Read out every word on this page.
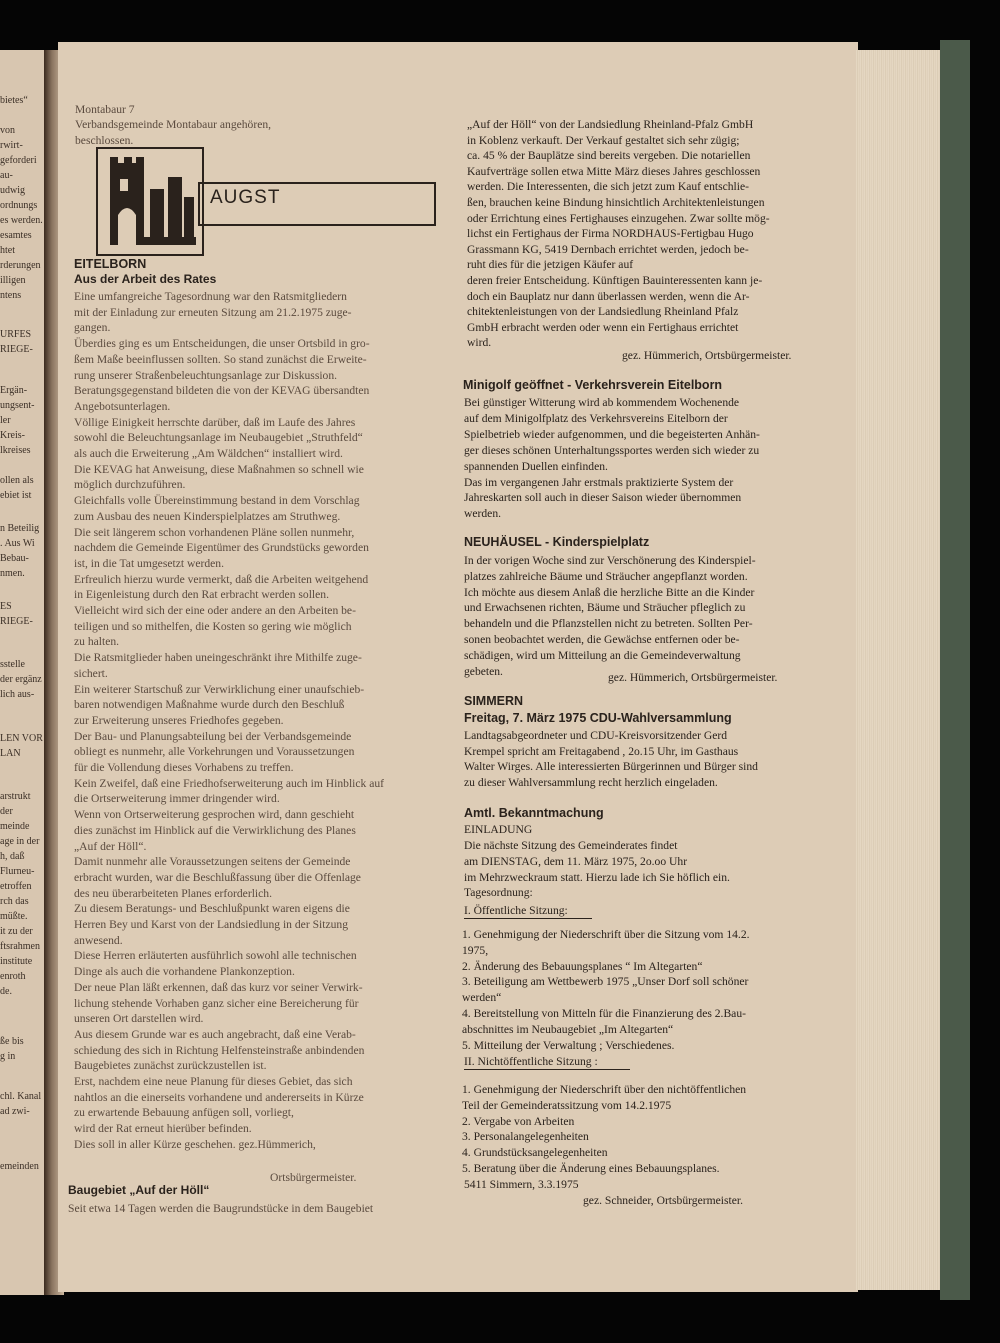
bietes“
von
rwirt-
geforderi
au-
udwig
ordnungs
es werden.
esamtes
htet
rderungen
illigen
ntens
URFES
RIEGE-
Ergän-
ungsent-
ler
Kreis-
lkreises
ollen als
ebiet ist
n Beteilig
. Aus Wi
Bebau-
nmen.
ES
RIEGE-
sstelle
der ergänz
lich aus-
LEN VOR
LAN
arstrukt
der
meinde
age in der
h, daß
Flurneu-
etroffen
rch das
müßte.
it zu der
ftsrahmen
institute
enroth
de.
ße bis
g in
chl. Kanal
ad zwi-
emeinden
Montabaur 7
Verbandsgemeinde Montabaur angehören,
beschlossen.
AUGST
EITELBORN
Aus der Arbeit des Rates
Eine umfangreiche Tagesordnung war den Ratsmitgliedern
mit der Einladung zur erneuten Sitzung am 21.2.1975 zuge-
gangen.
Überdies ging es um Entscheidungen, die unser Ortsbild in gro-
ßem Maße beeinflussen sollten. So stand zunächst die Erweite-
rung unserer Straßenbeleuchtungsanlage zur Diskussion.
Beratungsgegenstand bildeten die von der KEVAG übersandten
Angebotsunterlagen.
Völlige Einigkeit herrschte darüber, daß im Laufe des Jahres
sowohl die Beleuchtungsanlage im Neubaugebiet „Struthfeld“
als auch die Erweiterung „Am Wäldchen“ installiert wird.
Die KEVAG hat Anweisung, diese Maßnahmen so schnell wie
möglich durchzuführen.
Gleichfalls volle Übereinstimmung bestand in dem Vorschlag
zum Ausbau des neuen Kinderspielplatzes am Struthweg.
Die seit längerem schon vorhandenen Pläne sollen nunmehr,
nachdem die Gemeinde Eigentümer des Grundstücks geworden
ist, in die Tat umgesetzt werden.
Erfreulich hierzu wurde vermerkt, daß die Arbeiten weitgehend
in Eigenleistung durch den Rat erbracht werden sollen.
Vielleicht wird sich der eine oder andere an den Arbeiten be-
teiligen und so mithelfen, die Kosten so gering wie möglich
zu halten.
Die Ratsmitglieder haben uneingeschränkt ihre Mithilfe zuge-
sichert.
Ein weiterer Startschuß zur Verwirklichung einer unaufschieb-
baren notwendigen Maßnahme wurde durch den Beschluß
zur Erweiterung unseres Friedhofes gegeben.
Der Bau- und Planungsabteilung bei der Verbandsgemeinde
obliegt es nunmehr, alle Vorkehrungen und Voraussetzungen
für die Vollendung dieses Vorhabens zu treffen.
Kein Zweifel, daß eine Friedhofserweiterung auch im Hinblick auf
die Ortserweiterung immer dringender wird.
Wenn von Ortserweiterung gesprochen wird, dann geschieht
dies zunächst im Hinblick auf die Verwirklichung des Planes
„Auf der Höll“.
Damit nunmehr alle Voraussetzungen seitens der Gemeinde
erbracht wurden, war die Beschlußfassung über die Offenlage
des neu überarbeiteten Planes erforderlich.
Zu diesem Beratungs- und Beschlußpunkt waren eigens die
Herren Bey und Karst von der Landsiedlung in der Sitzung
anwesend.
Diese Herren erläuterten ausführlich sowohl alle technischen
Dinge als auch die vorhandene Plankonzeption.
Der neue Plan läßt erkennen, daß das kurz vor seiner Verwirk-
lichung stehende Vorhaben ganz sicher eine Bereicherung für
unseren Ort darstellen wird.
Aus diesem Grunde war es auch angebracht, daß eine Verab-
schiedung des sich in Richtung Helfensteinstraße anbindenden
Baugebietes zunächst zurückzustellen ist.
Erst, nachdem eine neue Planung für dieses Gebiet, das sich
nahtlos an die einerseits vorhandene und andererseits in Kürze
zu erwartende Bebauung anfügen soll, vorliegt,
wird der Rat erneut hierüber befinden.
Dies soll in aller Kürze geschehen. gez.Hümmerich,
Ortsbürgermeister.
Baugebiet „Auf der Höll“
Seit etwa 14 Tagen werden die Baugrundstücke in dem Baugebiet
„Auf der Höll“ von der Landsiedlung Rheinland-Pfalz GmbH
in Koblenz verkauft. Der Verkauf gestaltet sich sehr zügig;
ca. 45 % der Bauplätze sind bereits vergeben. Die notariellen
Kaufverträge sollen etwa Mitte März dieses Jahres geschlossen
werden. Die Interessenten, die sich jetzt zum Kauf entschlie-
ßen, brauchen keine Bindung hinsichtlich Architektenleistungen
oder Errichtung eines Fertighauses einzugehen. Zwar sollte mög-
lichst ein Fertighaus der Firma NORDHAUS-Fertigbau Hugo
Grassmann KG, 5419 Dernbach errichtet werden, jedoch be-
ruht dies für die jetzigen Käufer auf
deren freier Entscheidung. Künftigen Bauinteressenten kann je-
doch ein Bauplatz nur dann überlassen werden, wenn die Ar-
chitektenleistungen von der Landsiedlung Rheinland Pfalz
GmbH erbracht werden oder wenn ein Fertighaus errichtet
wird.
gez. Hümmerich, Ortsbürgermeister.
Minigolf geöffnet - Verkehrsverein Eitelborn
Bei günstiger Witterung wird ab kommendem Wochenende
auf dem Minigolfplatz des Verkehrsvereins Eitelborn der
Spielbetrieb wieder aufgenommen, und die begeisterten Anhän-
ger dieses schönen Unterhaltungssportes werden sich wieder zu
spannenden Duellen einfinden.
Das im vergangenen Jahr erstmals praktizierte System der
Jahreskarten soll auch in dieser Saison wieder übernommen
werden.
NEUHÄUSEL - Kinderspielplatz
In der vorigen Woche sind zur Verschönerung des Kinderspiel-
platzes zahlreiche Bäume und Sträucher angepflanzt worden.
Ich möchte aus diesem Anlaß die herzliche Bitte an die Kinder
und Erwachsenen richten, Bäume und Sträucher pfleglich zu
behandeln und die Pflanzstellen nicht zu betreten. Sollten Per-
sonen beobachtet werden, die Gewächse entfernen oder be-
schädigen, wird um Mitteilung an die Gemeindeverwaltung
gebeten.	gez. Hümmerich, Ortsbürgermeister.
SIMMERN
Freitag, 7. März 1975 CDU-Wahlversammlung
Landtagsabgeordneter und CDU-Kreisvorsitzender Gerd
Krempel spricht am Freitagabend , 2o.15 Uhr, im Gasthaus
Walter Wirges. Alle interessierten Bürgerinnen und Bürger sind
zu dieser Wahlversammlung recht herzlich eingeladen.
Amtl. Bekanntmachung
EINLADUNG
Die nächste Sitzung des Gemeinderates findet
am DIENSTAG, dem 11. März 1975, 2o.oo Uhr
im Mehrzweckraum statt. Hierzu lade ich Sie höflich ein.
Tagesordnung:
I. Öffentliche Sitzung:
1. Genehmigung der Niederschrift über die Sitzung vom 14.2.
1975,
2. Änderung des Bebauungsplanes “ Im Altegarten“
3. Beteiligung am Wettbewerb 1975 „Unser Dorf soll schöner
werden“
4. Bereitstellung von Mitteln für die Finanzierung des 2.Bau-
abschnittes im Neubaugebiet „Im Altegarten“
5. Mitteilung der Verwaltung ; Verschiedenes.
II. Nichtöffentliche Sitzung :
1. Genehmigung der Niederschrift über den nichtöffentlichen
Teil der Gemeinderatssitzung vom 14.2.1975
2. Vergabe von Arbeiten
3. Personalangelegenheiten
4. Grundstücksangelegenheiten
5. Beratung über die Änderung eines Bebauungsplanes.
5411 Simmern, 3.3.1975
gez. Schneider, Ortsbürgermeister.
